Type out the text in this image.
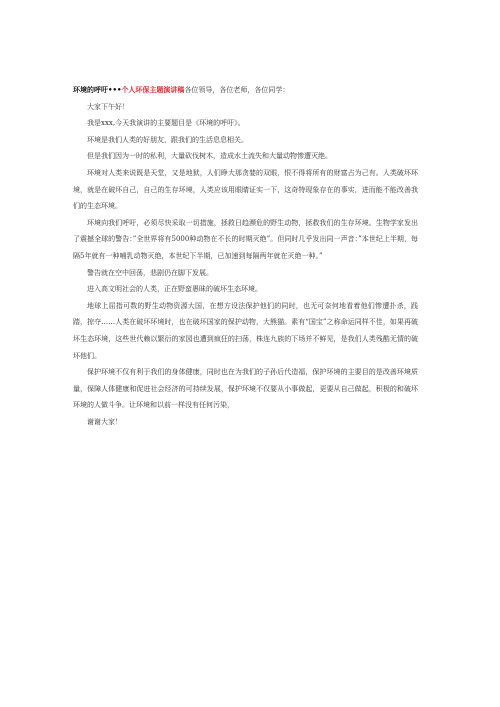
环境的呼吁•••个人环保主题演讲稿各位领导，各位老师，各位同学：

大家下午好！

我是xxx,今天我演讲的主要题目是《环境的呼吁》。

环境是我们人类的好朋友，跟我们的生活息息相关。

但是我们因为一时的私利，大量砍伐树木，造成水土流失和大量动物惨遭灭绝。

环境对人类来说既是天堂，又是地狱，人们睁大那贪婪的双眼，恨不得将所有的财富占为己有。人类破坏环境，就是在破坏自己，自己的生存环境，人类应该用眼睛证实一下，这奇特现象存在的事实，进而能不能改善我们的生态环境。

环境向我们呼吁，必须尽快采取一切措施，拯救日趋濒危的野生动物，拯救我们的生存环境。生物学家发出了震撼全球的警告：”全世界将有5000种动物在不长的时期灭绝”。但同时几乎发出同一声音：”本世纪上半期，每隔5年就有一种哺乳动物灭绝，本世纪下半期，已加速到每隔两年就在灭绝一种。”

警告就在空中回荡，悲剧仍在脚下发展。

进入高文明社会的人类，正在野蛮愚昧的破坏生态环境。

地球上屈指可数的野生动物资源大国，在想方设法保护他们的同时，也无可奈何地看着他们惨遭扑杀，践踏，掠夺……人类在破坏环境时，也在破坏国家的保护动物，大熊猫。素有“国宝”之称命运同样不佳，如果再破坏生态环境，这些世代赖以繁衍的家园也遭到疯狂的扫荡，株连九族的下场并不鲜见，是我们人类残酷无情的破坏他们。

保护环境不仅有利于我们的身体健康，同时也在为我们的子孙后代造福，保护环境的主要目的是改善环境质量，保障人体健康和促进社会经济的可持续发展，保护环境不仅要从小事做起，更要从自己做起，积极的和破坏环境的人做斗争。让环境和以前一样没有任何污染，

谢谢大家！
